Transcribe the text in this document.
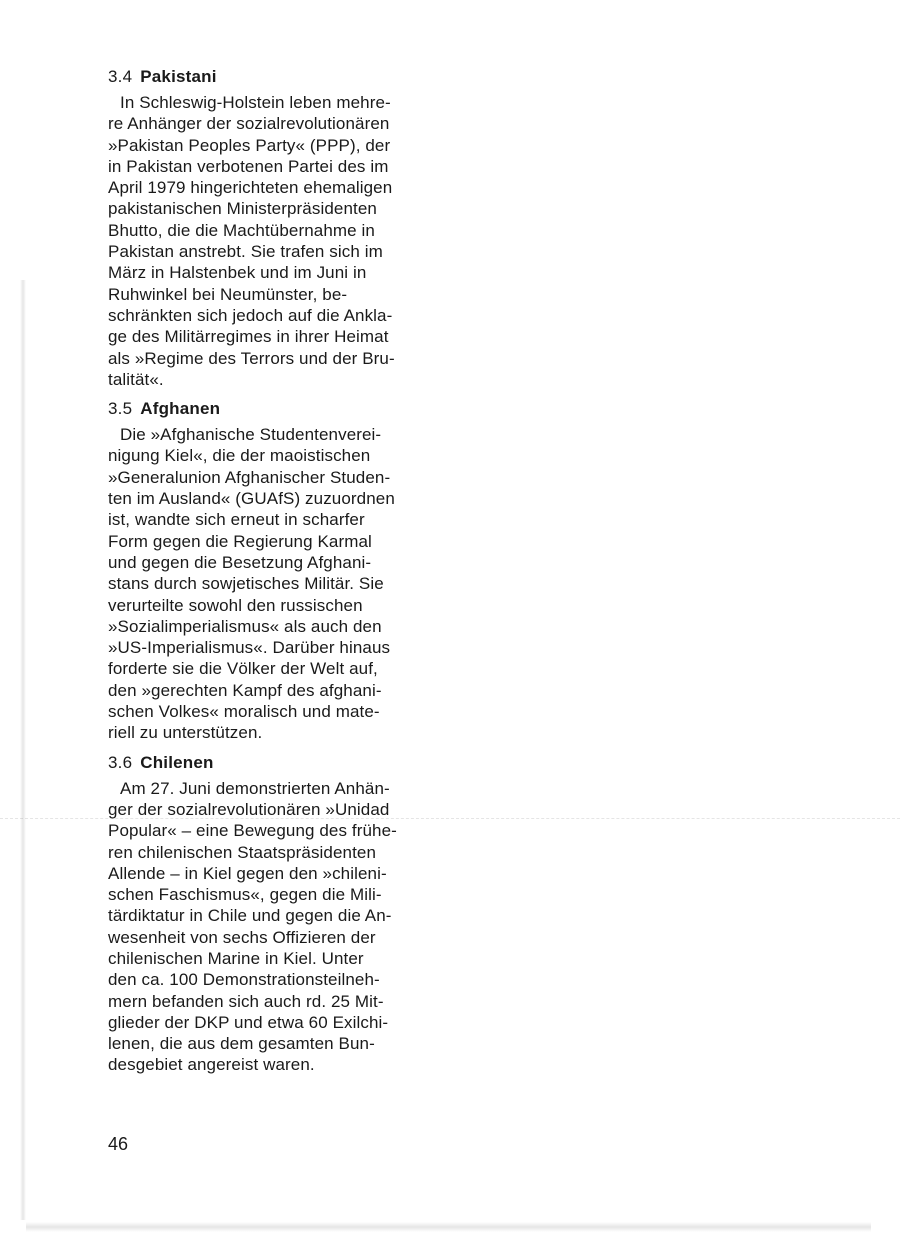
3.4 Pakistani

In Schleswig-Holstein leben mehre-
re Anhänger der sozialrevolutionären
»Pakistan Peoples Party« (PPP), der
in Pakistan verbotenen Partei des im
April 1979 hingerichteten ehemaligen
pakistanischen Ministerpräsidenten
Bhutto, die die Machtübernahme in
Pakistan anstrebt. Sie trafen sich im
März in Halstenbek und im Juni in
Ruhwinkel bei Neumünster, be-
schränkten sich jedoch auf die Ankla-
ge des Militärregimes in ihrer Heimat
als »Regime des Terrors und der Bru-
talität«.

3.5 Afghanen

Die »Afghanische Studentenverei-
nigung Kiel«, die der maoistischen
»Generalunion Afghanischer Studen-
ten im Ausland« (GUAfS) zuzuordnen
ist, wandte sich erneut in scharfer
Form gegen die Regierung Karmal
und gegen die Besetzung Afghani-
stans durch sowjetisches Militär. Sie
verurteilte sowohl den russischen
»Sozialimperialismus« als auch den
»US-Imperialismus«. Darüber hinaus
forderte sie die Völker der Welt auf,
den »gerechten Kampf des afghani-
schen Volkes« moralisch und mate-
riell zu unterstützen.

3.6 Chilenen

Am 27. Juni demonstrierten Anhän-
ger der sozialrevolutionären »Unidad
Popular« – eine Bewegung des frühe-
ren chilenischen Staatspräsidenten
Allende – in Kiel gegen den »chileni-
schen Faschismus«, gegen die Mili-
tärdiktatur in Chile und gegen die An-
wesenheit von sechs Offizieren der
chilenischen Marine in Kiel. Unter
den ca. 100 Demonstrationsteilneh-
mern befanden sich auch rd. 25 Mit-
glieder der DKP und etwa 60 Exilchi-
lenen, die aus dem gesamten Bun-
desgebiet angereist waren.

46
